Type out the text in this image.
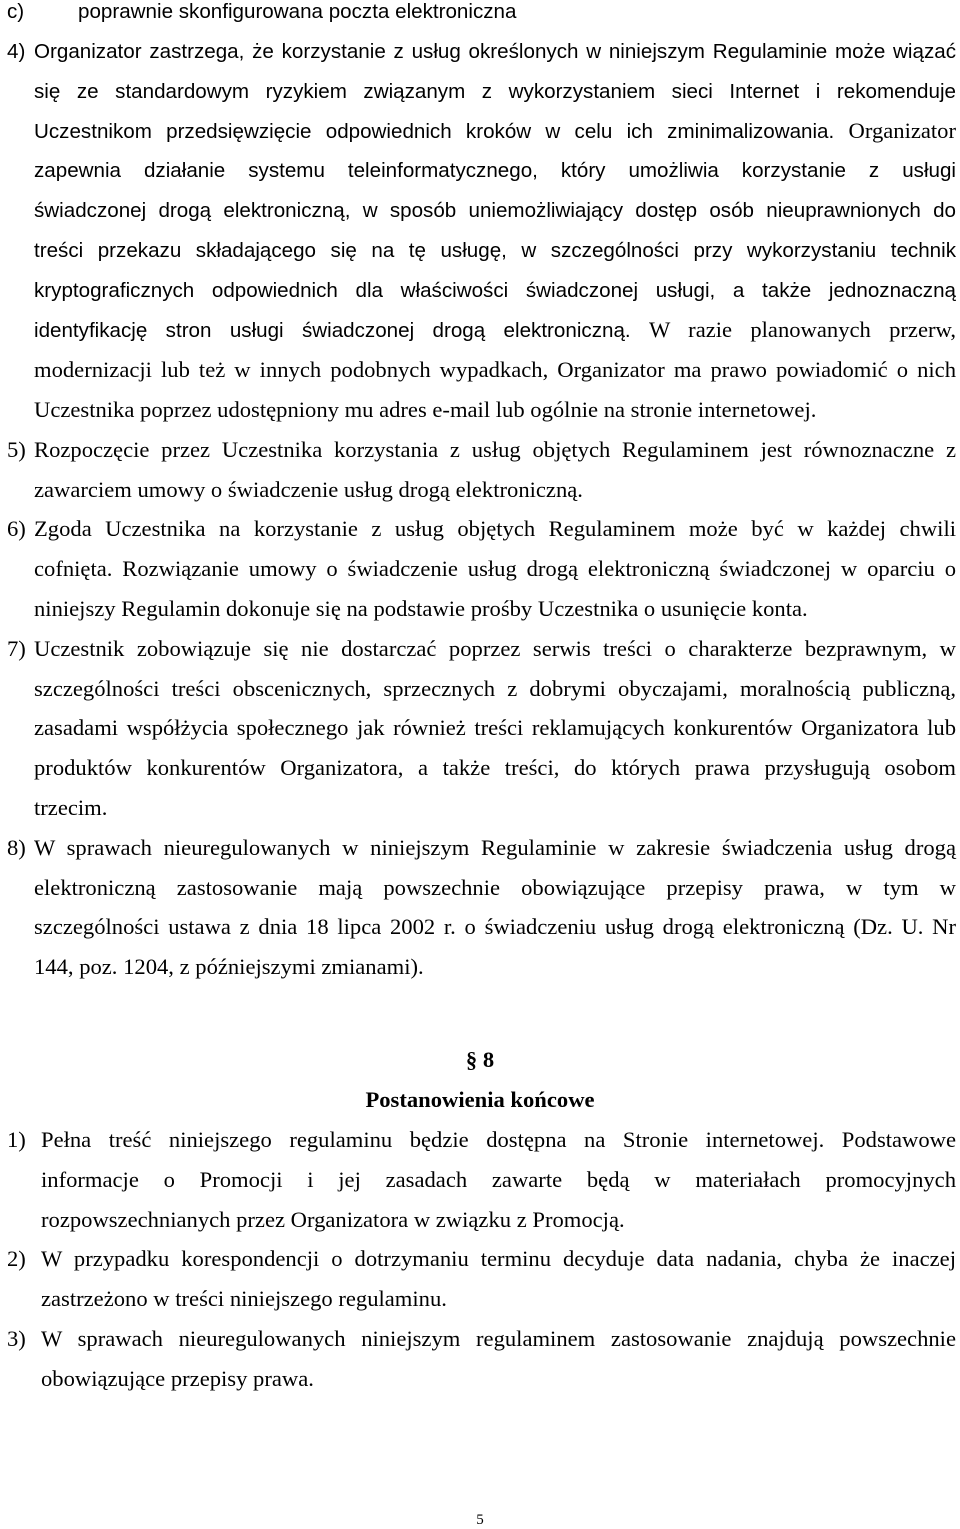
c)	poprawnie skonfigurowana poczta elektroniczna
4) Organizator zastrzega, że korzystanie z usług określonych w niniejszym Regulaminie może wiązać
się ze standardowym ryzykiem związanym z wykorzystaniem sieci Internet i rekomenduje
Uczestnikom przedsięwzięcie odpowiednich kroków w celu ich zminimalizowania. Organizator
zapewnia działanie systemu teleinformatycznego, który umożliwia korzystanie z usługi
świadczonej drogą elektroniczną, w sposób uniemożliwiający dostęp osób nieuprawnionych do
treści przekazu składającego się na tę usługę, w szczególności przy wykorzystaniu technik
kryptograficznych odpowiednich dla właściwości świadczonej usługi, a także jednoznaczną
identyfikację stron usługi świadczonej drogą elektroniczną. W razie planowanych przerw,
modernizacji lub też w innych podobnych wypadkach, Organizator ma prawo powiadomić o nich
Uczestnika poprzez udostępniony mu adres e-mail lub ogólnie na stronie internetowej.
5) Rozpoczęcie przez Uczestnika korzystania z usług objętych Regulaminem jest równoznaczne z
zawarciem umowy o świadczenie usług drogą elektroniczną.
6) Zgoda Uczestnika na korzystanie z usług objętych Regulaminem może być w każdej chwili
cofnięta. Rozwiązanie umowy o świadczenie usług drogą elektroniczną świadczonej w oparciu o
niniejszy Regulamin dokonuje się na podstawie prośby Uczestnika o usunięcie konta.
7) Uczestnik zobowiązuje się nie dostarczać poprzez serwis treści o charakterze bezprawnym, w
szczególności treści obscenicznych, sprzecznych z dobrymi obyczajami, moralnością publiczną,
zasadami współżycia społecznego jak również treści reklamujących konkurentów Organizatora lub
produktów konkurentów Organizatora, a także treści, do których prawa przysługują osobom
trzecim.
8) W sprawach nieuregulowanych w niniejszym Regulaminie w zakresie świadczenia usług drogą
elektroniczną zastosowanie mają powszechnie obowiązujące przepisy prawa, w tym w
szczególności ustawa z dnia 18 lipca 2002 r. o świadczeniu usług drogą elektroniczną (Dz. U. Nr
144, poz. 1204, z późniejszymi zmianami).
§ 8
Postanowienia końcowe
1) Pełna treść niniejszego regulaminu będzie dostępna na Stronie internetowej. Podstawowe
informacje o Promocji i jej zasadach zawarte będą w materiałach promocyjnych
rozpowszechnianych przez Organizatora w związku z Promocją.
2) W przypadku korespondencji o dotrzymaniu terminu decyduje data nadania, chyba że inaczej
zastrzeżono w treści niniejszego regulaminu.
3) W sprawach nieuregulowanych niniejszym regulaminem zastosowanie znajdują powszechnie
obowiązujące przepisy prawa.
5
